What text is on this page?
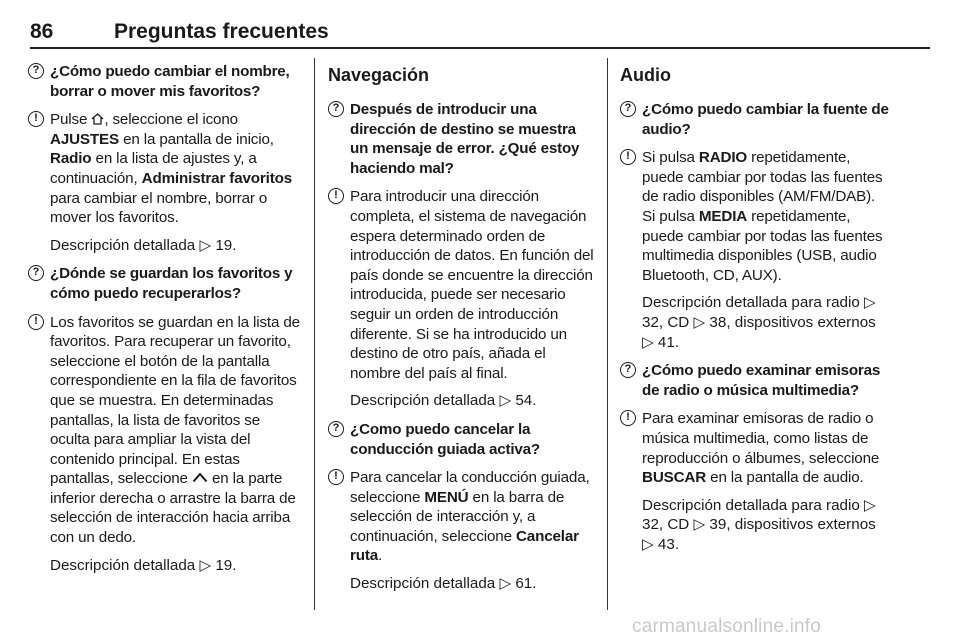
86	Preguntas frecuentes
? ¿Cómo puedo cambiar el nombre, borrar o mover mis favoritos?
! Pulse , seleccione el icono AJUSTES en la pantalla de inicio, Radio en la lista de ajustes y, a continuación, Administrar favoritos para cambiar el nombre, borrar o mover los favoritos.
Descripción detallada ▷ 19.
? ¿Dónde se guardan los favoritos y cómo puedo recuperarlos?
! Los favoritos se guardan en la lista de favoritos. Para recuperar un favorito, seleccione el botón de la pantalla correspondiente en la fila de favoritos que se muestra. En determinadas pantallas, la lista de favoritos se oculta para ampliar la vista del contenido principal. En estas pantallas, seleccione  en la parte inferior derecha o arrastre la barra de selección de interacción hacia arriba con un dedo.
Descripción detallada ▷ 19.
Navegación
? Después de introducir una dirección de destino se muestra un mensaje de error. ¿Qué estoy haciendo mal?
! Para introducir una dirección completa, el sistema de navegación espera determinado orden de introducción de datos. En función del país donde se encuentre la dirección introducida, puede ser necesario seguir un orden de introducción diferente. Si se ha introducido un destino de otro país, añada el nombre del país al final.
Descripción detallada ▷ 54.
? ¿Como puedo cancelar la conducción guiada activa?
! Para cancelar la conducción guiada, seleccione MENÚ en la barra de selección de interacción y, a continuación, seleccione Cancelar ruta.
Descripción detallada ▷ 61.
Audio
? ¿Cómo puedo cambiar la fuente de audio?
! Si pulsa RADIO repetidamente, puede cambiar por todas las fuentes de radio disponibles (AM/FM/DAB). Si pulsa MEDIA repetidamente, puede cambiar por todas las fuentes multimedia disponibles (USB, audio Bluetooth, CD, AUX).
Descripción detallada para radio ▷ 32, CD ▷ 38, dispositivos externos ▷ 41.
? ¿Cómo puedo examinar emisoras de radio o música multimedia?
! Para examinar emisoras de radio o música multimedia, como listas de reproducción o álbumes, seleccione BUSCAR en la pantalla de audio.
Descripción detallada para radio ▷ 32, CD ▷ 39, dispositivos externos ▷ 43.
carmanualsonline.info
